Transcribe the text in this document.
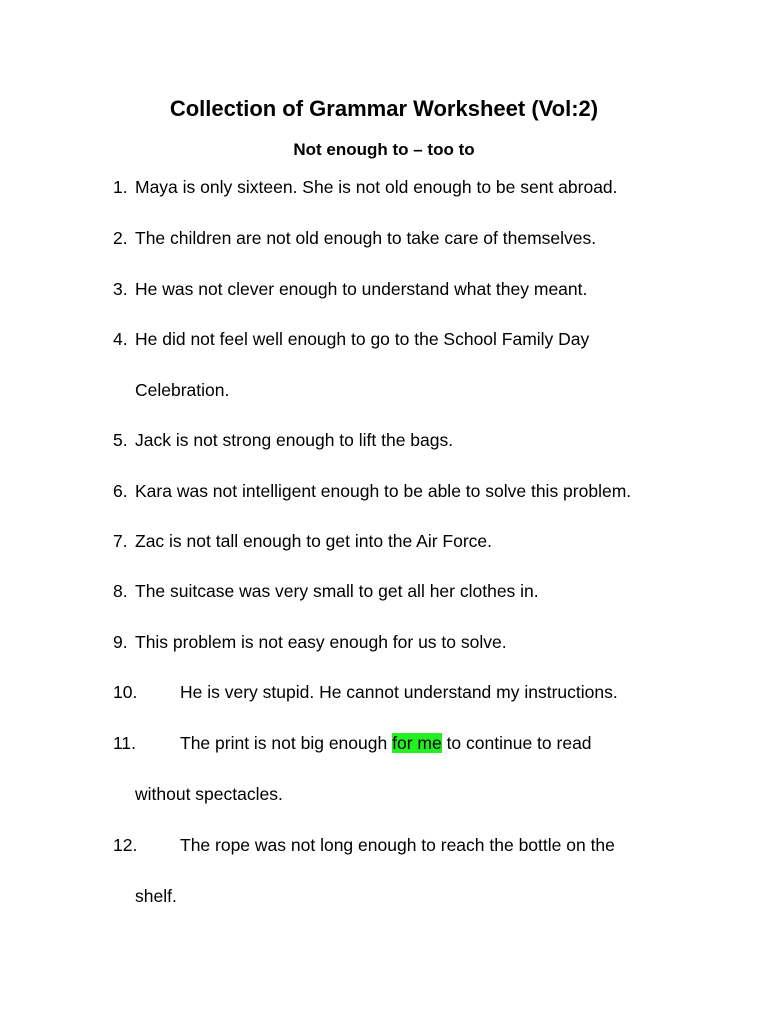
Collection of Grammar Worksheet (Vol:2)
Not enough to – too to
1. Maya is only sixteen. She is not old enough to be sent abroad.
2. The children are not old enough to take care of themselves.
3. He was not clever enough to understand what they meant.
4. He did not feel well enough to go to the School Family Day
Celebration.
5. Jack is not strong enough to lift the bags.
6. Kara was not intelligent enough to be able to solve this problem.
7. Zac is not tall enough to get into the Air Force.
8. The suitcase was very small to get all her clothes in.
9. This problem is not easy enough for us to solve.
10. He is very stupid. He cannot understand my instructions.
11.	The print is not big enough for me to continue to read
without spectacles.
12. The rope was not long enough to reach the bottle on the
shelf.
